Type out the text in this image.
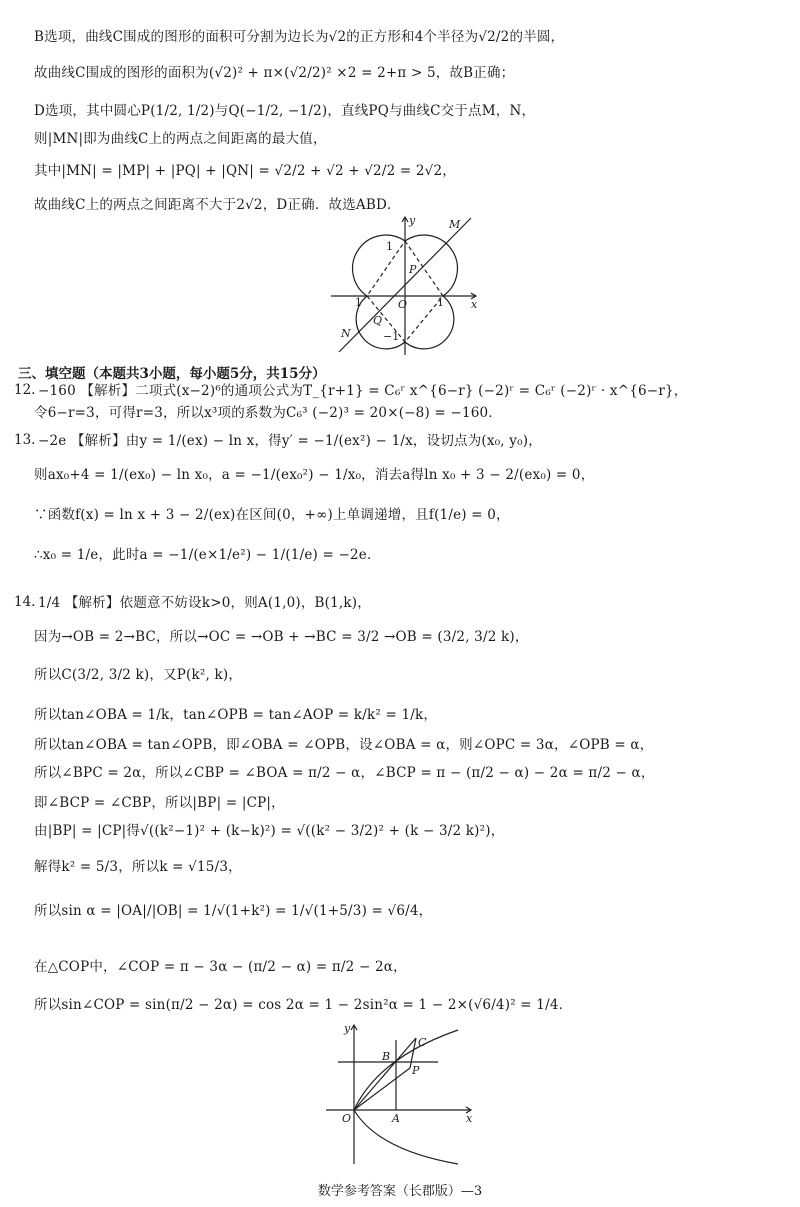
B选项，曲线C围成的图形的面积可分割为边长为√2的正方形和4个半径为√2/2的半圆，
故曲线C围成的图形的面积为(√2)² + π×(√2/2)² ×2 = 2+π > 5，故B正确；
D选项，其中圆心P(1/2, 1/2)与Q(−1/2, −1/2)，直线PQ与曲线C交于点M，N，
则|MN|即为曲线C上的两点之间距离的最大值，
其中|MN| = |MP| + |PQ| + |QN| = √2/2 + √2 + √2/2 = 2√2，
故曲线C上的两点之间距离不大于2√2，D正确．故选ABD．
y
x
O
M
N
P
Q
1
1	1
−1
三、填空题（本题共3小题，每小题5分，共15分）
12. −160 【解析】二项式(x−2)⁶的通项公式为T_{r+1} = C₆ʳ x^{6−r} (−2)ʳ = C₆ʳ (−2)ʳ · x^{6−r}，
令6−r=3，可得r=3，所以x³项的系数为C₆³ (−2)³ = 20×(−8) = −160．
13. −2e 【解析】由y = 1/(ex) − ln x，得y′ = −1/(ex²) − 1/x，设切点为(x₀, y₀)，
则ax₀+4 = 1/(ex₀) − ln x₀，a = −1/(ex₀²) − 1/x₀，消去a得ln x₀ + 3 − 2/(ex₀) = 0，
∵函数f(x) = ln x + 3 − 2/(ex)在区间(0，+∞)上单调递增，且f(1/e) = 0，
∴x₀ = 1/e，此时a = −1/(e×1/e²) − 1/(1/e) = −2e．
14. 1/4 【解析】依题意不妨设k>0，则A(1,0)，B(1,k)，
因为→OB = 2→BC，所以→OC = →OB + →BC = 3/2 →OB = (3/2, 3/2 k)，
所以C(3/2, 3/2 k)，又P(k², k)，
所以tan∠OBA = 1/k，tan∠OPB = tan∠AOP = k/k² = 1/k，
所以tan∠OBA = tan∠OPB，即∠OBA = ∠OPB，设∠OBA = α，则∠OPC = 3α，∠OPB = α，
所以∠BPC = 2α，所以∠CBP = ∠BOA = π/2 − α，∠BCP = π − (π/2 − α) − 2α = π/2 − α，
即∠BCP = ∠CBP，所以|BP| = |CP|，
由|BP| = |CP|得√((k²−1)² + (k−k)²) = √((k² − 3/2)² + (k − 3/2 k)²)，
解得k² = 5/3，所以k = √15/3，
所以sin α = |OA|/|OB| = 1/√(1+k²) = 1/√(1+5/3) = √6/4，
在△COP中，∠COP = π − 3α − (π/2 − α) = π/2 − 2α，
所以sin∠COP = sin(π/2 − 2α) = cos 2α = 1 − 2sin²α = 1 − 2×(√6/4)² = 1/4．
y
x
O	A
B
C
P
数学参考答案（长郡版）—3
